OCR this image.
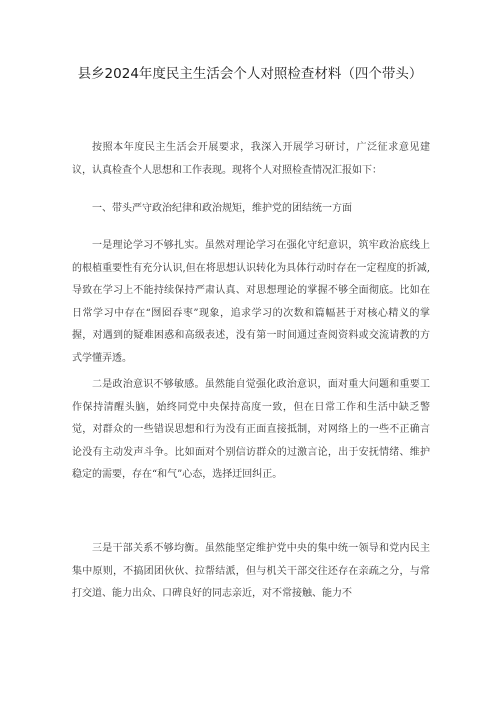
县乡2024年度民主生活会个人对照检查材料（四个带头）

按照本年度民主生活会开展要求，我深入开展学习研讨，广泛征求意见建议，认真检查个人思想和工作表现。现将个人对照检查情况汇报如下：

一、带头严守政治纪律和政治规矩，维护党的团结统一方面

一是理论学习不够扎实。虽然对理论学习在强化守纪意识，筑牢政治底线上的根植重要性有充分认识,但在将思想认识转化为具体行动时存在一定程度的折减,导致在学习上不能持续保持严肃认真、对思想理论的掌握不够全面彻底。比如在日常学习中存在“囫囵吞枣”现象，追求学习的次数和篇幅甚于对核心精义的掌握，对遇到的疑难困惑和高级表述，没有第一时间通过查阅资料或交流请教的方式学懂弄透。

二是政治意识不够敏感。虽然能自觉强化政治意识，面对重大问题和重要工作保持清醒头脑，始终同党中央保持高度一致，但在日常工作和生活中缺乏警觉，对群众的一些错误思想和行为没有正面直接抵制，对网络上的一些不正确言论没有主动发声斗争。比如面对个别信访群众的过激言论，出于安抚情绪、维护稳定的需要，存在“和气”心态，选择迂回纠正。

三是干部关系不够均衡。虽然能坚定维护党中央的集中统一领导和党内民主集中原则，不搞团团伙伙、拉帮结派，但与机关干部交往还存在亲疏之分，与常打交道、能力出众、口碑良好的同志亲近，对不常接触、能力不
